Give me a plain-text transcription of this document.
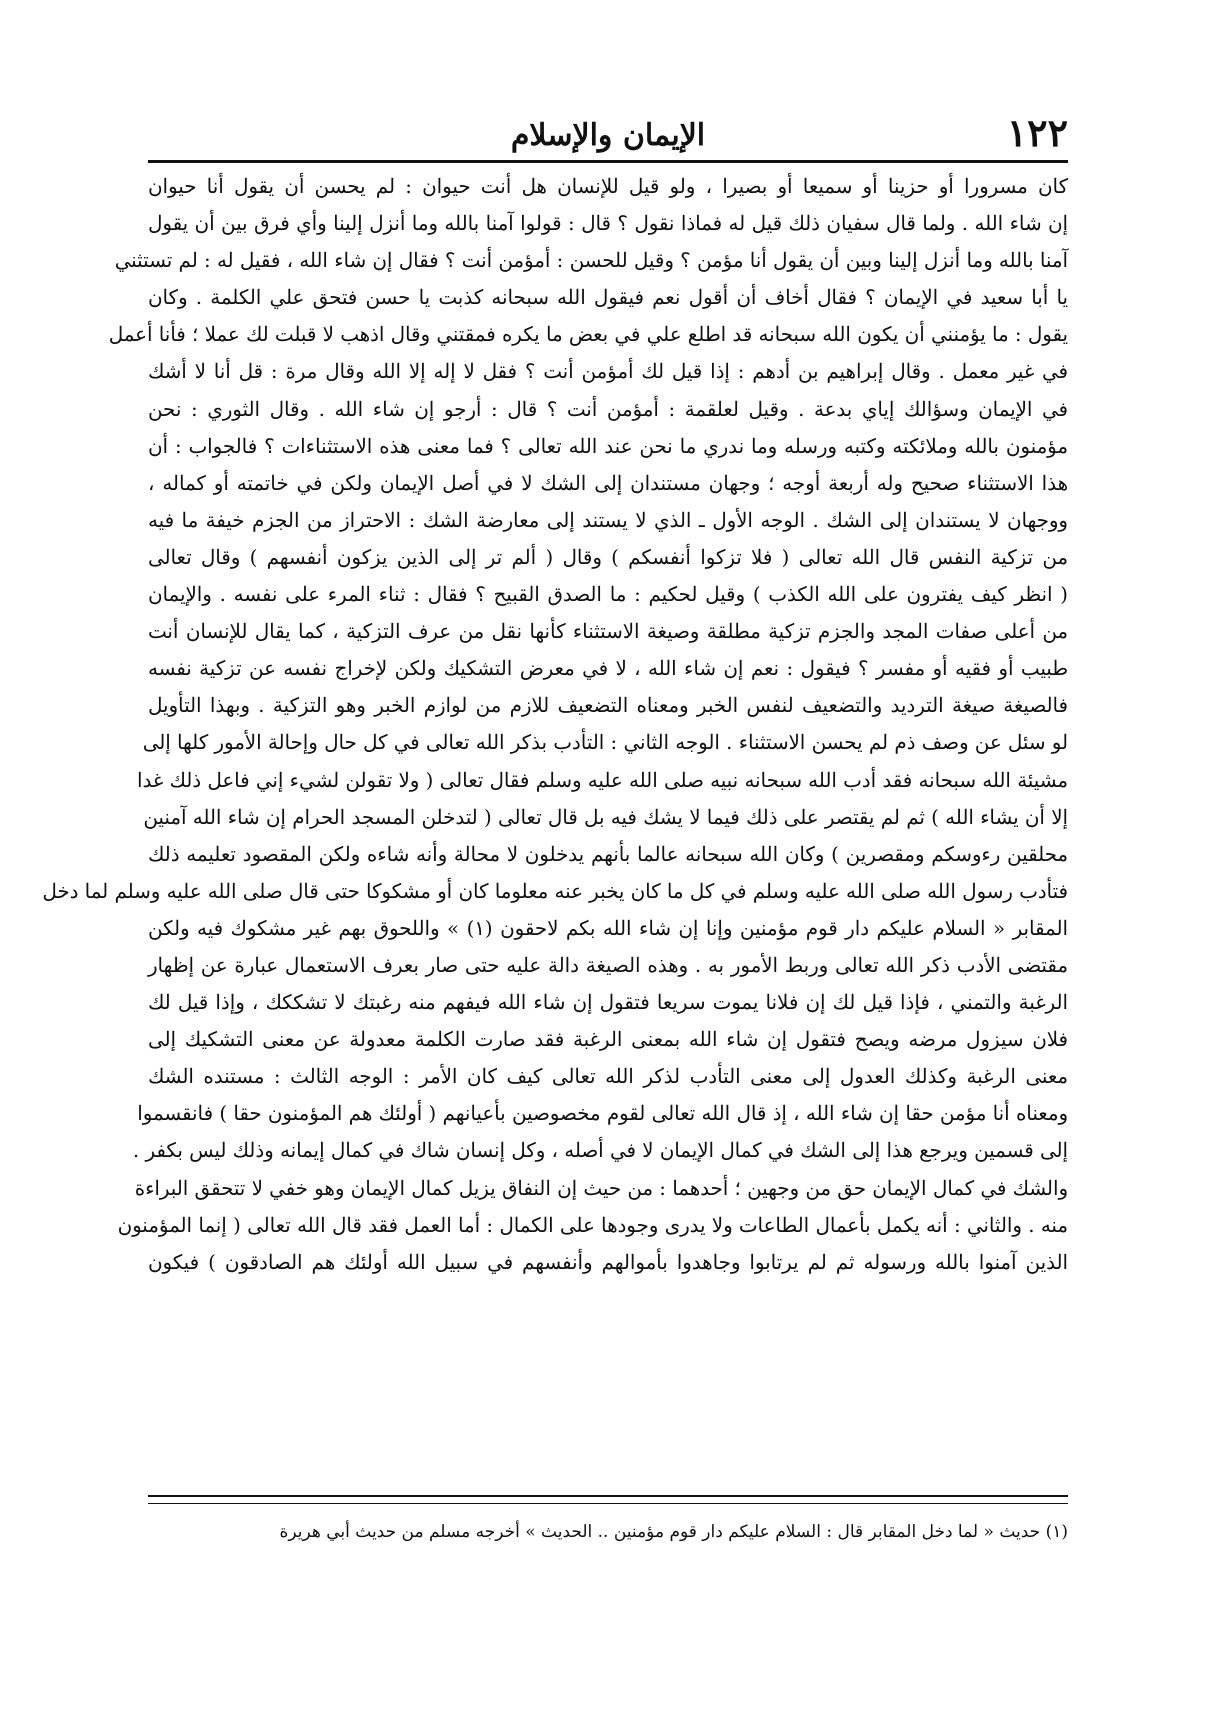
١٢٢
الإيمان والإسلام
كان مسرورا أو حزينا أو سميعا أو بصيرا ، ولو قيل للإنسان هل أنت حيوان : لم يحسن أن يقول أنا حيوان
إن شاء الله . ولما قال سفيان ذلك قيل له فماذا نقول ؟ قال : قولوا آمنا بالله وما أنزل إلينا وأي فرق بين أن يقول
آمنا بالله وما أنزل إلينا وبين أن يقول أنا مؤمن ؟ وقيل للحسن : أمؤمن أنت ؟ فقال إن شاء الله ، فقيل له : لم تستثني
يا أبا سعيد في الإيمان ؟ فقال أخاف أن أقول نعم فيقول الله سبحانه كذبت يا حسن فتحق علي الكلمة . وكان
يقول : ما يؤمنني أن يكون الله سبحانه قد اطلع علي في بعض ما يكره فمقتني وقال اذهب لا قبلت لك عملا ؛ فأنا أعمل
في غير معمل . وقال إبراهيم بن أدهم : إذا قيل لك أمؤمن أنت ؟ فقل لا إله إلا الله وقال مرة : قل أنا لا أشك
في الإيمان وسؤالك إياي بدعة . وقيل لعلقمة : أمؤمن أنت ؟ قال : أرجو إن شاء الله . وقال الثوري : نحن
مؤمنون بالله وملائكته وكتبه ورسله وما ندري ما نحن عند الله تعالى ؟ فما معنى هذه الاستثناءات ؟ فالجواب : أن
هذا الاستثناء صحيح وله أربعة أوجه ؛ وجهان مستندان إلى الشك لا في أصل الإيمان ولكن في خاتمته أو كماله ،
ووجهان لا يستندان إلى الشك . الوجه الأول ـ الذي لا يستند إلى معارضة الشك : الاحتراز من الجزم خيفة ما فيه
من تزكية النفس قال الله تعالى ( فلا تزكوا أنفسكم ) وقال ( ألم تر إلى الذين يزكون أنفسهم ) وقال تعالى
( انظر كيف يفترون على الله الكذب ) وقيل لحكيم : ما الصدق القبيح ؟ فقال : ثناء المرء على نفسه . والإيمان
من أعلى صفات المجد والجزم تزكية مطلقة وصيغة الاستثناء كأنها نقل من عرف التزكية ، كما يقال للإنسان أنت
طبيب أو فقيه أو مفسر ؟ فيقول : نعم إن شاء الله ، لا في معرض التشكيك ولكن لإخراج نفسه عن تزكية نفسه
فالصيغة صيغة الترديد والتضعيف لنفس الخبر ومعناه التضعيف للازم من لوازم الخبر وهو التزكية . وبهذا التأويل
لو سئل عن وصف ذم لم يحسن الاستثناء . الوجه الثاني : التأدب بذكر الله تعالى في كل حال وإحالة الأمور كلها إلى
مشيئة الله سبحانه فقد أدب الله سبحانه نبيه صلى الله عليه وسلم فقال تعالى ( ولا تقولن لشيء إني فاعل ذلك غدا
إلا أن يشاء الله ) ثم لم يقتصر على ذلك فيما لا يشك فيه بل قال تعالى ( لتدخلن المسجد الحرام إن شاء الله آمنين
محلقين رءوسكم ومقصرين ) وكان الله سبحانه عالما بأنهم يدخلون لا محالة وأنه شاءه ولكن المقصود تعليمه ذلك
فتأدب رسول الله صلى الله عليه وسلم في كل ما كان يخبر عنه معلوما كان أو مشكوكا حتى قال صلى الله عليه وسلم لما دخل
المقابر « السلام عليكم دار قوم مؤمنين وإنا إن شاء الله بكم لاحقون (١) » واللحوق بهم غير مشكوك فيه ولكن
مقتضى الأدب ذكر الله تعالى وربط الأمور به . وهذه الصيغة دالة عليه حتى صار بعرف الاستعمال عبارة عن إظهار
الرغبة والتمني ، فإذا قيل لك إن فلانا يموت سريعا فتقول إن شاء الله فيفهم منه رغبتك لا تشككك ، وإذا قيل لك
فلان سيزول مرضه ويصح فتقول إن شاء الله بمعنى الرغبة فقد صارت الكلمة معدولة عن معنى التشكيك إلى
معنى الرغبة وكذلك العدول إلى معنى التأدب لذكر الله تعالى كيف كان الأمر : الوجه الثالث : مستنده الشك
ومعناه أنا مؤمن حقا إن شاء الله ، إذ قال الله تعالى لقوم مخصوصين بأعيانهم ( أولئك هم المؤمنون حقا ) فانقسموا
إلى قسمين ويرجع هذا إلى الشك في كمال الإيمان لا في أصله ، وكل إنسان شاك في كمال إيمانه وذلك ليس بكفر .
والشك في كمال الإيمان حق من وجهين ؛ أحدهما : من حيث إن النفاق يزيل كمال الإيمان وهو خفي لا تتحقق البراءة
منه . والثاني : أنه يكمل بأعمال الطاعات ولا يدرى وجودها على الكمال : أما العمل فقد قال الله تعالى ( إنما المؤمنون
الذين آمنوا بالله ورسوله ثم لم يرتابوا وجاهدوا بأموالهم وأنفسهم في سبيل الله أولئك هم الصادقون ) فيكون
(١) حديث « لما دخل المقابر قال : السلام عليكم دار قوم مؤمنين .. الحديث » أخرجه مسلم من حديث أبي هريرة
